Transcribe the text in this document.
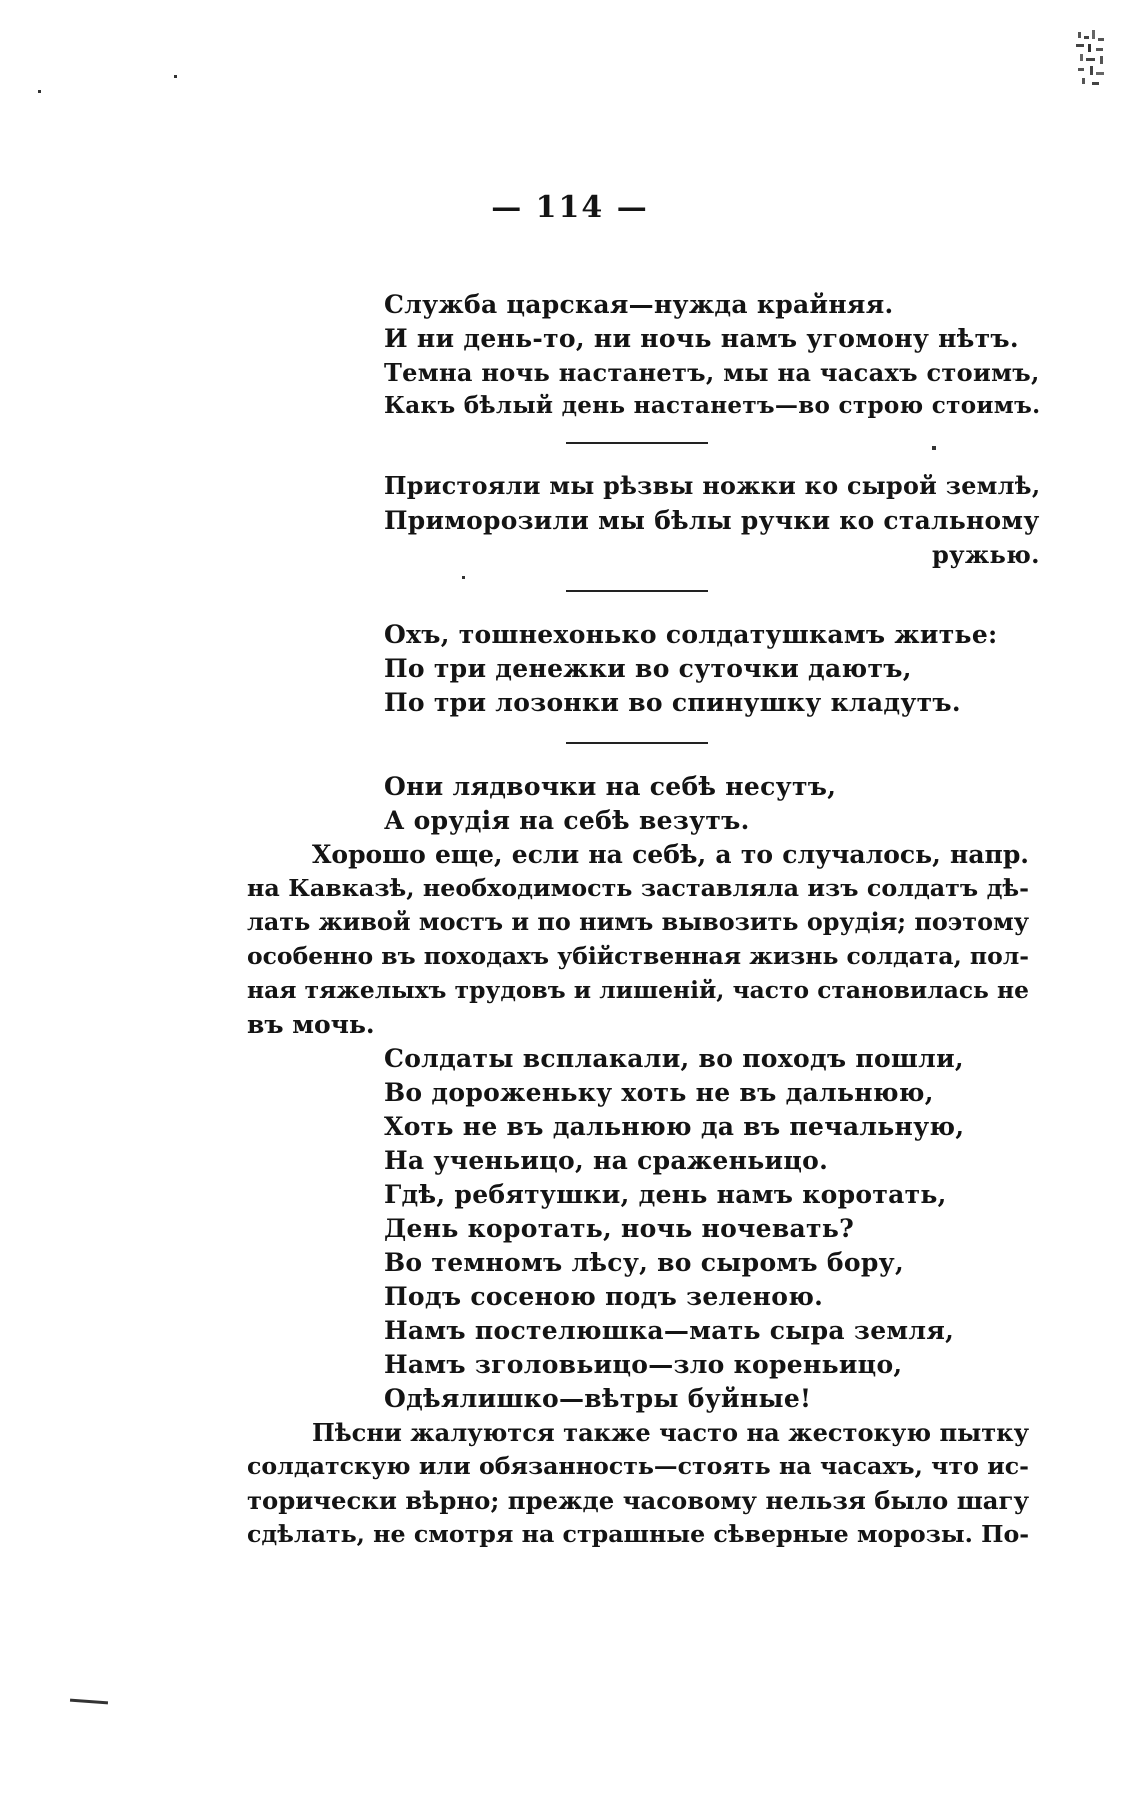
— 114 —
Служба царская—нужда крайняя.
И ни день-то, ни ночь намъ угомону нѣтъ.
Темна ночь настанетъ, мы на часахъ стоимъ,
Какъ бѣлый день настанетъ—во строю стоимъ.
Пристояли мы рѣзвы ножки ко сырой землѣ,
Приморозили мы бѣлы ручки ко стальному
ружью.
Охъ, тошнехонько солдатушкамъ житье:
По три денежки во суточки даютъ,
По три лозонки во спинушку кладутъ.
Они лядвочки на себѣ несутъ,
А орудія на себѣ везутъ.
Хорошо еще, если на себѣ, а то случалось, напр.
на Кавказѣ, необходимость заставляла изъ солдатъ дѣ-
лать живой мостъ и по нимъ вывозить орудія; поэтому
особенно въ походахъ убійственная жизнь солдата, пол-
ная тяжелыхъ трудовъ и лишеній, часто становилась не
въ мочь.
Солдаты всплакали, во походъ пошли,
Во дороженьку хоть не въ дальнюю,
Хоть не въ дальнюю да въ печальную,
На ученьицо, на сраженьицо.
Гдѣ, ребятушки, день намъ коротать,
День коротать, ночь ночевать?
Во темномъ лѣсу, во сыромъ бору,
Подъ сосеною подъ зеленою.
Намъ постелюшка—мать сыра земля,
Намъ зголовьицо—зло кореньицо,
Одѣялишко—вѣтры буйные!
Пѣсни жалуются также часто на жестокую пытку
солдатскую или обязанность—стоять на часахъ, что ис-
торически вѣрно; прежде часовому нельзя было шагу
сдѣлать, не смотря на страшные сѣверные морозы. По-
